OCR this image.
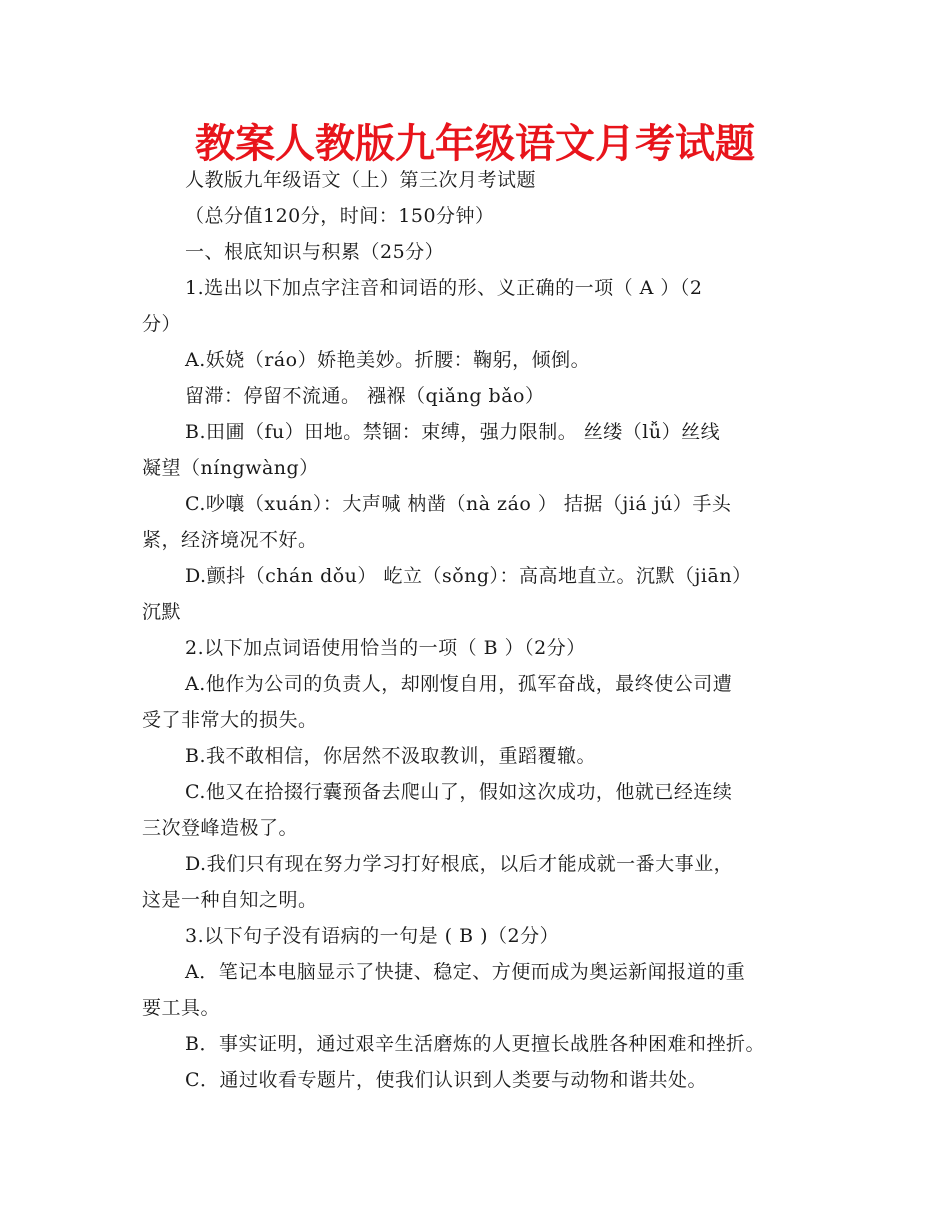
教案人教版九年级语文月考试题
人教版九年级语文（上）第三次月考试题
（总分值120分，时间：150分钟）
一、根底知识与积累（25分）
1.选出以下加点字注音和词语的形、义正确的一项（ A ）（2
分）
A.妖娆（ráo）娇艳美妙。折腰：鞠躬，倾倒。
留滞：停留不流通。 襁褓（qiǎng bǎo）
B.田圃（fu）田地。禁锢：束缚，强力限制。 丝缕（lǚ）丝线
凝望（níngwàng）
C.吵嚷（xuán）：大声喊 枘凿（nà záo ） 拮据（jiá jú）手头
紧，经济境况不好。
D.颤抖（chán dǒu） 屹立（sǒng）：高高地直立。沉默（jiān）
沉默
2.以下加点词语使用恰当的一项（ B ）（2分）
A.他作为公司的负责人，却刚愎自用，孤军奋战，最终使公司遭
受了非常大的损失。
B.我不敢相信，你居然不汲取教训，重蹈覆辙。
C.他又在拾掇行囊预备去爬山了，假如这次成功，他就已经连续
三次登峰造极了。
D.我们只有现在努力学习打好根底，以后才能成就一番大事业，
这是一种自知之明。
3.以下句子没有语病的一句是 ( B )（2分）
A．笔记本电脑显示了快捷、稳定、方便而成为奥运新闻报道的重
要工具。
B．事实证明，通过艰辛生活磨炼的人更擅长战胜各种困难和挫折。
C．通过收看专题片，使我们认识到人类要与动物和谐共处。
